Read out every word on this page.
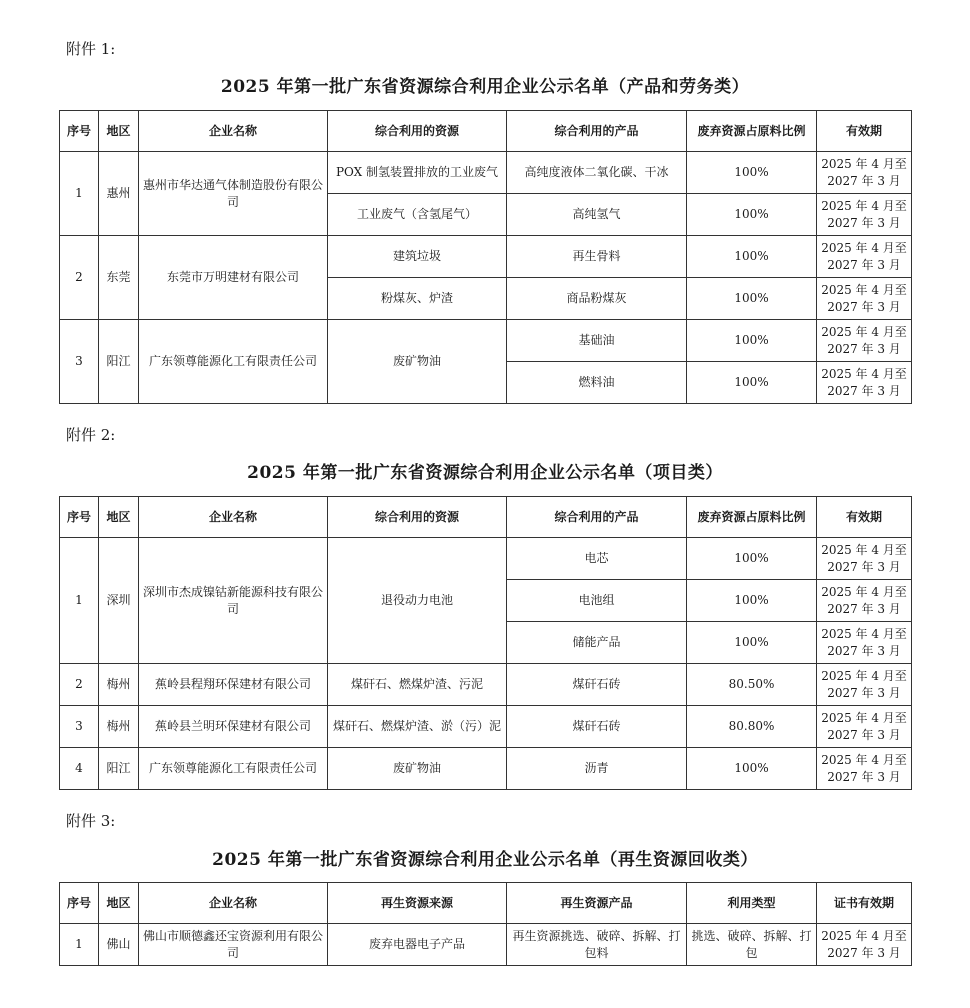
附件 1:
2025 年第一批广东省资源综合利用企业公示名单（产品和劳务类）
序号	地区	企业名称	综合利用的资源	综合利用的产品	废弃资源占原料比例	有效期
1	惠州	惠州市华达通气体制造股份有限公司	POX 制氢装置排放的工业废气	高纯度液体二氧化碳、干冰	100%	2025 年 4 月至 2027 年 3 月
			工业废气（含氢尾气）	高纯氢气	100%	2025 年 4 月至 2027 年 3 月
2	东莞	东莞市万明建材有限公司	建筑垃圾	再生骨料	100%	2025 年 4 月至 2027 年 3 月
			粉煤灰、炉渣	商品粉煤灰	100%	2025 年 4 月至 2027 年 3 月
3	阳江	广东领尊能源化工有限责任公司	废矿物油	基础油	100%	2025 年 4 月至 2027 年 3 月
				燃料油	100%	2025 年 4 月至 2027 年 3 月
附件 2:
2025 年第一批广东省资源综合利用企业公示名单（项目类）
序号	地区	企业名称	综合利用的资源	综合利用的产品	废弃资源占原料比例	有效期
1	深圳	深圳市杰成镍钴新能源科技有限公司	退役动力电池	电芯	100%	2025 年 4 月至 2027 年 3 月
				电池组	100%	2025 年 4 月至 2027 年 3 月
				储能产品	100%	2025 年 4 月至 2027 年 3 月
2	梅州	蕉岭县程翔环保建材有限公司	煤矸石、燃煤炉渣、污泥	煤矸石砖	80.50%	2025 年 4 月至 2027 年 3 月
3	梅州	蕉岭县兰明环保建材有限公司	煤矸石、燃煤炉渣、淤（污）泥	煤矸石砖	80.80%	2025 年 4 月至 2027 年 3 月
4	阳江	广东领尊能源化工有限责任公司	废矿物油	沥青	100%	2025 年 4 月至 2027 年 3 月
附件 3:
2025 年第一批广东省资源综合利用企业公示名单（再生资源回收类）
序号	地区	企业名称	再生资源来源	再生资源产品	利用类型	证书有效期
1	佛山	佛山市顺德鑫还宝资源利用有限公司	废弃电器电子产品	再生资源挑选、破碎、拆解、打包料	挑选、破碎、拆解、打包	2025 年 4 月至 2027 年 3 月
